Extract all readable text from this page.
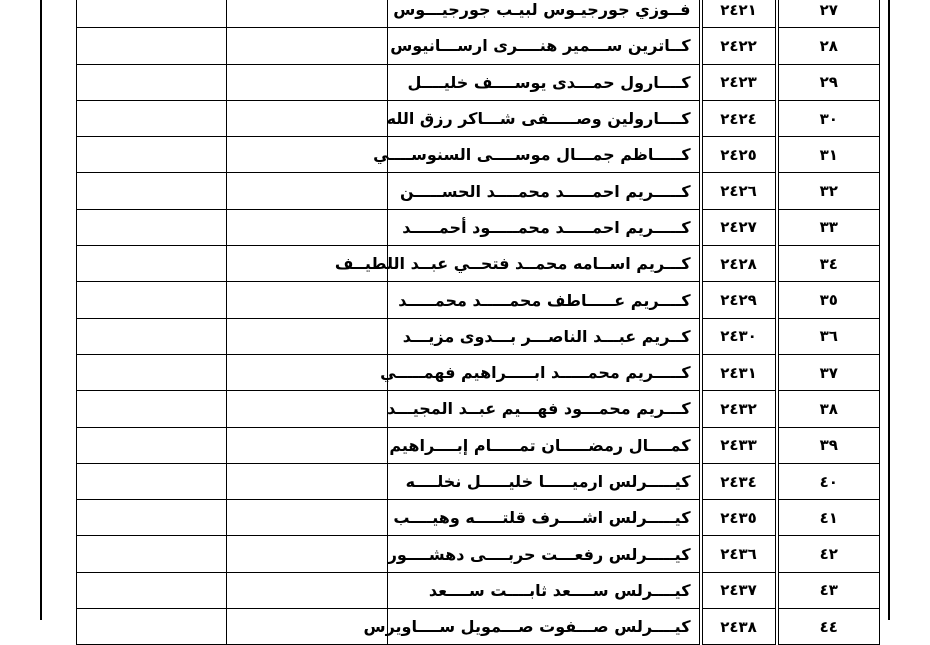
		فــوزي جورجيـوس لبيـب جورجيـــوس	٢٤٢١	٢٧
		كــاترين ســـمير هنــــرى ارســـانيوس	٢٤٢٢	٢٨
		كــــارول حمـــدى يوســــف خليــــل	٢٤٢٣	٢٩
		كــــارولين وصـــــفى شـــاكر رزق الله	٢٤٢٤	٣٠
		كـــــاظم جمـــال موســــى السنوســــي	٢٤٢٥	٣١
		كـــــريم احمـــــد محمــــد الحســـــن	٢٤٢٦	٣٢
		كـــــريم احمـــــد محمـــــود أحمـــــد	٢٤٢٧	٣٣
		كـــريم اســامه محمــد فتحــي عبــد اللطيــف	٢٤٢٨	٣٤
		كــــريم عـــــاطف محمـــــد محمـــــد	٢٤٢٩	٣٥
		كــريم عبـــد الناصـــر بـــدوى مزيـــد	٢٤٣٠	٣٦
		كـــــريم محمـــــد ابـــــراهيم فهمـــــي	٢٤٣١	٣٧
		كـــريم محمـــود فهـــيم عبــد المجيـــد	٢٤٣٢	٣٨
		كمــــال رمضـــــان تمـــــام إبــــراهيم	٢٤٣٣	٣٩
		كيـــــرلس ارميـــــا خليـــــل نخلــــه	٢٤٣٤	٤٠
		كيـــــرلس اشــــرف قلتـــــه وهيــــب	٢٤٣٥	٤١
		كيـــــرلس رفعـــت حربــــى دهشــــور	٢٤٣٦	٤٢
		كيــــرلس ســــعد ثابــــت ســــعد	٢٤٣٧	٤٣
		كيــــرلس صـــفوت صـــمويل ســــاويرس	٢٤٣٨	٤٤
